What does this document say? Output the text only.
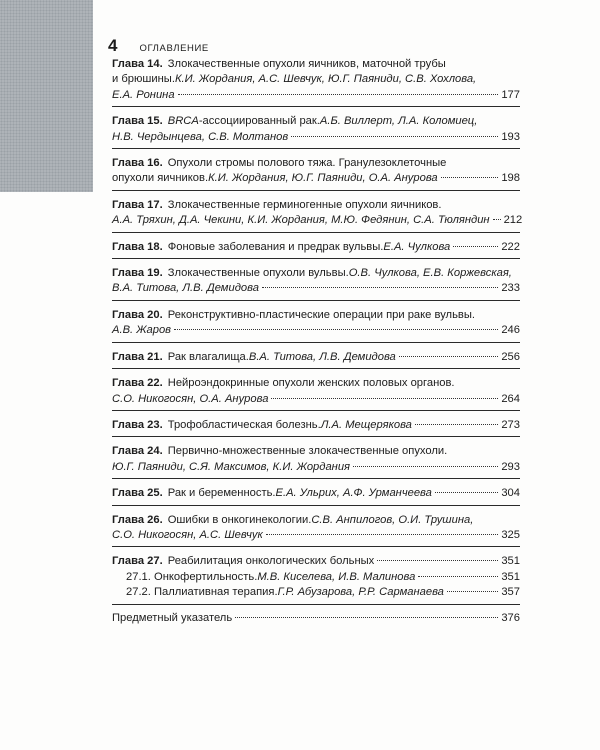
4 ОГЛАВЛЕНИЕ
Глава 14. Злокачественные опухоли яичников, маточной трубы
и брюшины. К.И. Жордания, А.С. Шевчук, Ю.Г. Паяниди, С.В. Хохлова,
Е.А. Ронина	177
Глава 15. BRCA -ассоциированный рак. А.Б. Виллерт, Л.А. Коломиец,
Н.В. Чердынцева, С.В. Молтанов	193
Глава 16. Опухоли стромы полового тяжа. Гранулезоклеточные
опухоли яичников. К.И. Жордания, Ю.Г. Паяниди, О.А. Анурова	198
Глава 17. Злокачественные герминогенные опухоли яичников.
А.А. Тряхин, Д.А. Чекини, К.И. Жордания, М.Ю. Федянин, С.А. Тюляндин 212
Глава 18. Фоновые заболевания и предрак вульвы. Е.А. Чулкова	222
Глава 19. Злокачественные опухоли вульвы. О.В. Чулкова, Е.В. Коржевская,
В.А. Титова, Л.В. Демидова	233
Глава 20. Реконструктивно-пластические операции при раке вульвы.
А.В. Жаров	246
Глава 21. Рак влагалища. В.А. Титова, Л.В. Демидова	256
Глава 22. Нейроэндокринные опухоли женских половых органов.
С.О. Никогосян, О.А. Анурова	264
Глава 23. Трофобластическая болезнь. Л.А. Мещерякова	273
Глава 24. Первично-множественные злокачественные опухоли.
Ю.Г. Паяниди, С.Я. Максимов, К.И. Жордания	293
Глава 25. Рак и беременность. Е.А. Ульрих, А.Ф. Урманчеева	304
Глава 26. Ошибки в онкогинекологии. С.В. Анпилогов, О.И. Трушина,
С.О. Никогосян, А.С. Шевчук	325
Глава 27. Реабилитация онкологических больных	351
27.1. Онкофертильность. М.В. Киселева, И.В. Малинова	351
27.2. Паллиативная терапия. Г.Р. Абузарова, Р.Р. Сарманаева	357
Предметный указатель	376
